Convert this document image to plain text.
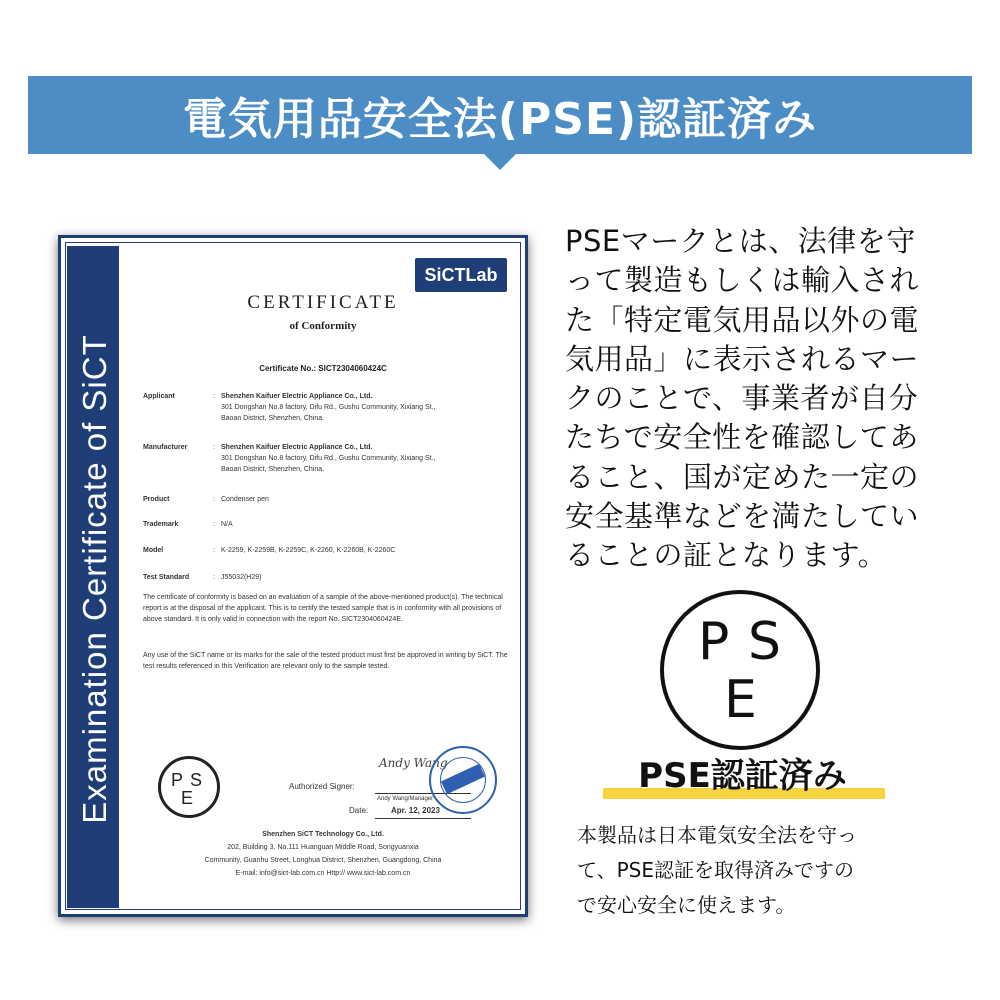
電気用品安全法(PSE)認証済み
Examination Certificate of SiCT
SiCTLab
CERTIFICATE
of Conformity
Certificate No.: SICT2304060424C
Applicant	: Shenzhen Kaifuer Electric Appliance Co., Ltd.
301 Dongshan No.8 factory, Difu Rd., Gushu Community, Xixiang St.,
Baoan District, Shenzhen, China.
Manufacturer	: Shenzhen Kaifuer Electric Appliance Co., Ltd.
301 Dongshan No.8 factory, Difu Rd., Gushu Community, Xixiang St.,
Baoan District, Shenzhen, China.
Product	: Condenser pen
Trademark	: N/A
Model	: K-2259, K-2259B, K-2259C, K-2260, K-2260B, K-2260C
Test Standard	: J55032(H29)
The certificate of conformity is based on an evaluation of a sample of the above-mentioned product(s). The technical report is at the disposal of the applicant. This is to certify the tested sample that is in conformity with all provisions of above standard. It is only valid in connection with the report No. SICT2304060424E.
Any use of the SiCT name or its marks for the sale of the tested product must first be approved in writing by SiCT. The test results referenced in this Verification are relevant only to the sample tested.
P S
E
Authorized Signer:
Andy Wang
Andy Wang/Manager
Date:	Apr. 12, 2023
Shenzhen SiCT Technology Co., Ltd.
202, Building 3, No.111 Huanguan Middle Road, Songyuanxia
Community, Guanhu Street, Longhua District, Shenzhen, Guangdong, China
E-mail: info@sict-lab.com.cn Http:// www.sict-lab.com.cn
PSEマークとは、法律を守
って製造もしくは輸入され
た「特定電気用品以外の電
気用品」に表示されるマー
クのことで、事業者が自分
たちで安全性を確認してあ
ること、国が定めた一定の
安全基準などを満たしてい
ることの証となります。
P S
E
PSE認証済み
本製品は日本電気安全法を守っ
て、PSE認証を取得済みですの
で安心安全に使えます。
